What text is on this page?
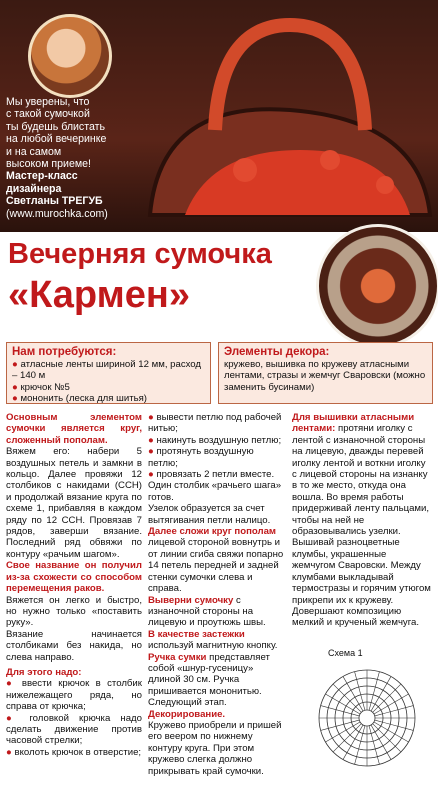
Мы уверены, что
с такой сумочкой
ты будешь блистать
на любой вечеринке
и на самом
высоком приеме!
Мастер-класс
дизайнера
Светланы ТРЕГУБ
(www.murochka.com)
Вечерняя сумочка
«Кармен»
Нам потребуются:
● атласные ленты шириной 12 мм, расход – 140 м
● крючок №5
● мононить (леска для шитья)
Элементы декора:
кружево, вышивка по кружеву атласными лентами, стразы и жемчуг Сваровски (можно заменить бусинами)
Основным элементом сумочки является круг, сложенный пополам.
Вяжем его: набери 5 воздушных петель и замкни в кольцо. Далее провяжи 12 столбиков с накидами (ССН) и продолжай вязание круга по схеме 1, прибавляя в каждом ряду по 12 ССН. Провязав 7 рядов, заверши вязание. Последний ряд обвяжи по контуру «рачьим шагом».
Свое название он получил из-за схожести со способом перемещения раков.
Вяжется он легко и быстро, но нужно только «поставить руку».
Вязание начинается столбиками без накида, но слева направо.
Для этого надо:
● ввести крючок в столбик нижележащего ряда, но справа от крючка;
● головкой крючка надо сделать движение против часовой стрелки;
● вколоть крючок в отверстие;
● вывести петлю под рабочей нитью;
● накинуть воздушную петлю;
● протянуть воздушную петлю;
● провязать 2 петли вместе. Один столбик «рачьего шага» готов.
Узелок образуется за счет вытягивания петли налицо.
Далее сложи круг пополам лицевой стороной вовнутрь и от линии сгиба свяжи попарно 14 петель передней и задней стенки сумочки слева и справа.
Выверни сумочку с изнаночной стороны на лицевую и проутюжь швы.
В качестве застежки используй магнитную кнопку.
Ручка сумки представляет собой «шнур-гусеницу» длиной 30 см. Ручка пришивается мононитью.
Следующий этап. Декорирование.
Кружево приобрели и пришей его веером по нижнему контуру круга. При этом кружево слегка должно прикрывать край сумочки.
Для вышивки атласными лентами: протяни иголку с лентой с изнаночной стороны на лицевую, дважды перевей иголку лентой и воткни иголку с лицевой стороны на изнанку в то же место, откуда она вошла. Во время работы придерживай ленту пальцами, чтобы на ней не образовывались узелки. Вышивай разноцветные клумбы, украшенные жемчугом Сваровски. Между клумбами выкладывай термостразы и горячим утюгом прикрепи их к кружеву. Довершают композицию мелкий и крученый жемчуга.
Схема 1
